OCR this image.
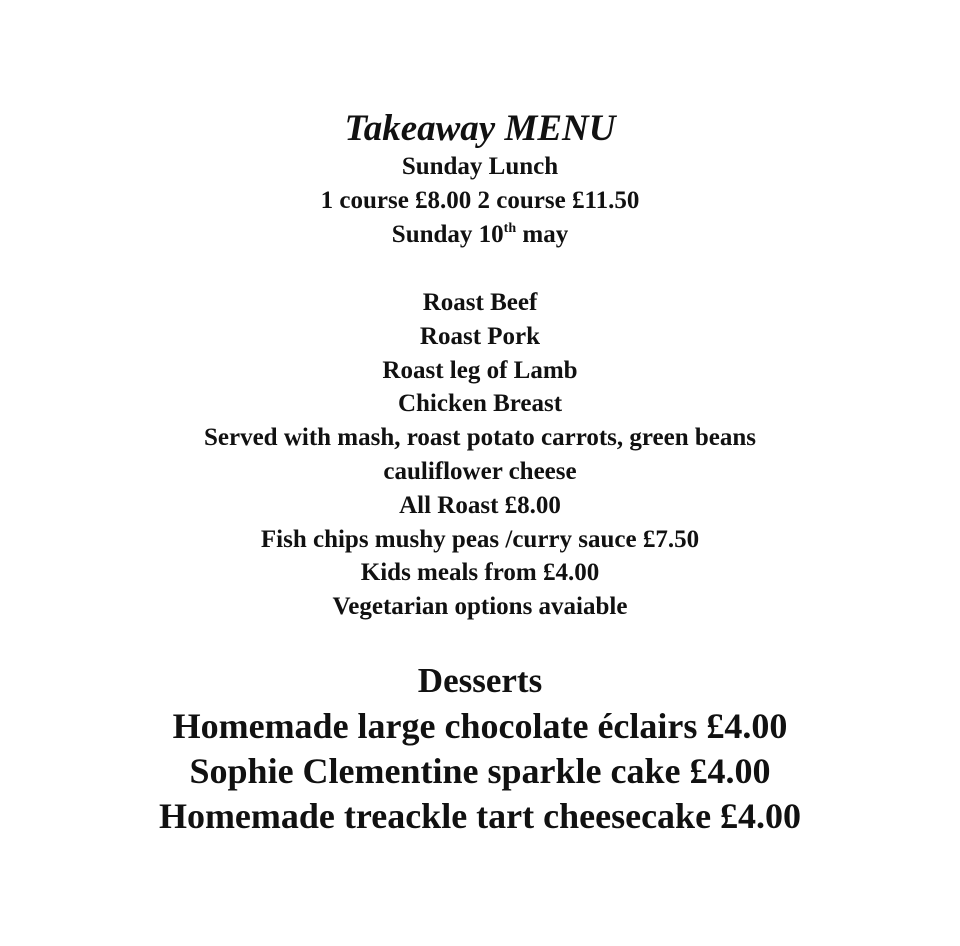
Takeaway MENU
Sunday Lunch
1 course £8.00 2 course £11.50
Sunday 10th may
Roast Beef
Roast Pork
Roast leg of Lamb
Chicken Breast
Served with mash, roast potato carrots, green beans
cauliflower cheese
All Roast £8.00
Fish chips mushy peas /curry sauce £7.50
Kids meals from £4.00
Vegetarian options avaiable
Desserts
Homemade large chocolate éclairs £4.00
Sophie Clementine sparkle cake £4.00
Homemade treackle tart cheesecake £4.00
